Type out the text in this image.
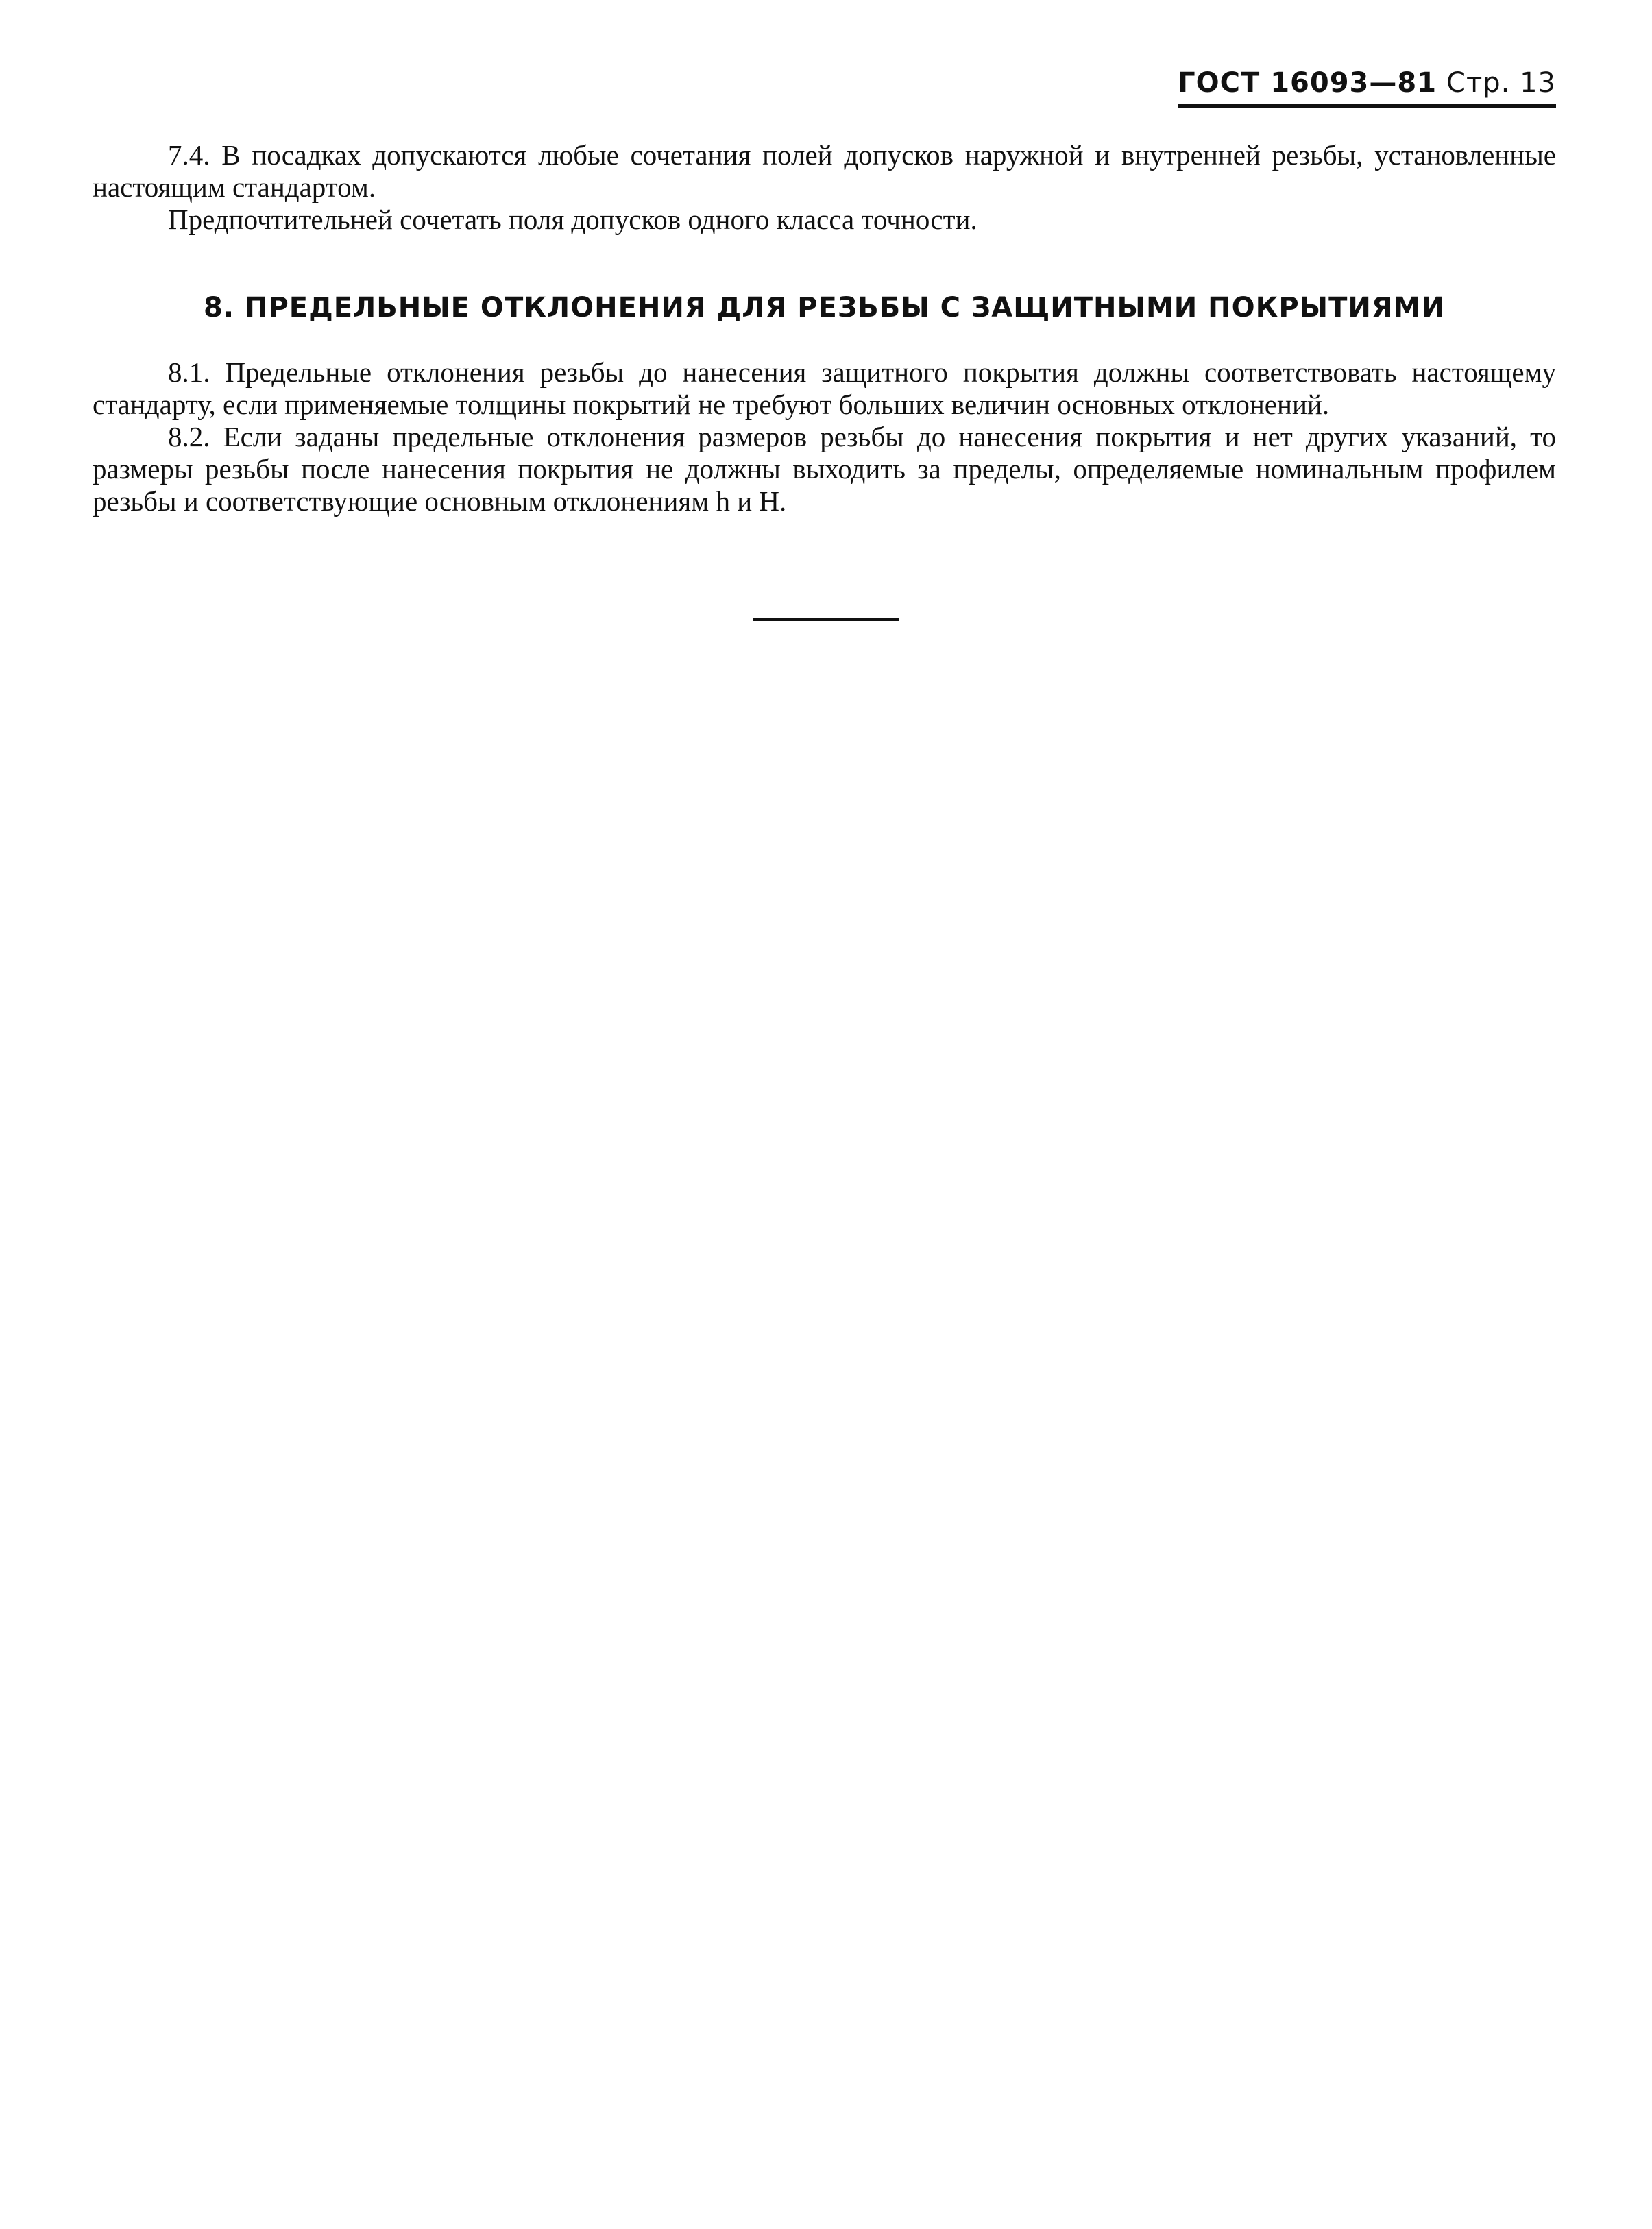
ГОСТ 16093—81 Стр. 13

7.4. В посадках допускаются любые сочетания полей допусков наружной и внутренней резьбы, установленные настоящим стандартом.

Предпочтительней сочетать поля допусков одного класса точности.

8. ПРЕДЕЛЬНЫЕ ОТКЛОНЕНИЯ ДЛЯ РЕЗЬБЫ С ЗАЩИТНЫМИ ПОКРЫТИЯМИ

8.1. Предельные отклонения резьбы до нанесения защитного покрытия должны соответствовать настоящему стандарту, если применяемые толщины покрытий не требуют больших величин основных отклонений.

8.2. Если заданы предельные отклонения размеров резьбы до нанесения покрытия и нет других указаний, то размеры резьбы после нанесения покрытия не должны выходить за пределы, определяемые номинальным профилем резьбы и соответствующие основным отклонениям h и H.
